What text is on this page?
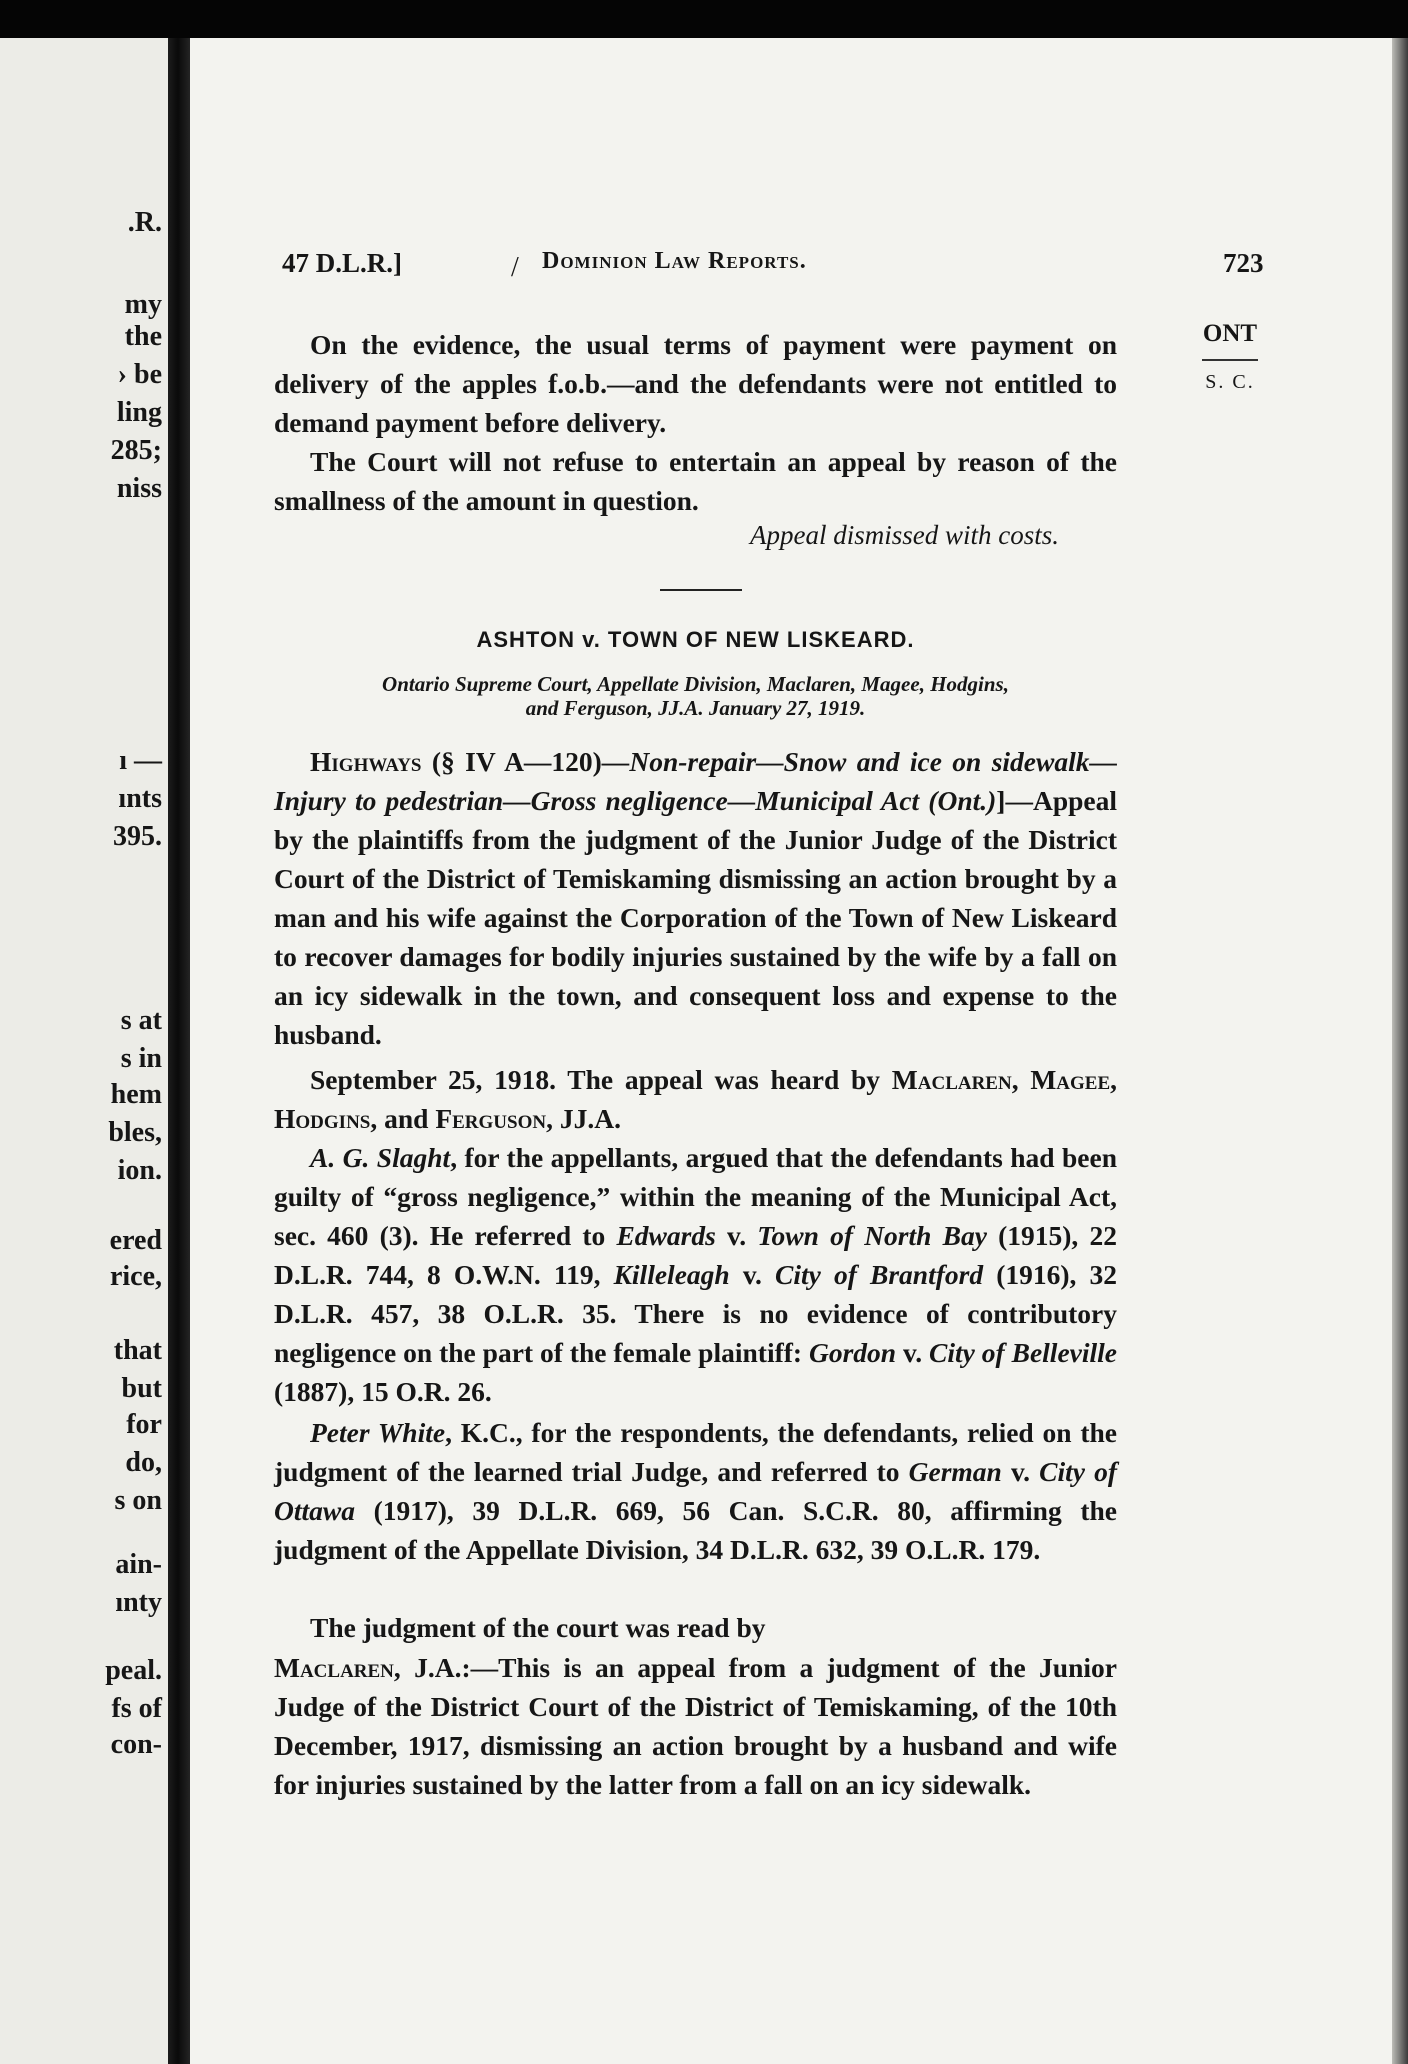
.R.

my

the

› be

ling

285;

niss

ı —

ınts

395.

s at

s in

hem

bles,

ion.

ered

rice,

that

but

for

do,

s on

ain-

ınty

peal.

fs of

con-

47 D.L.R.]	/ Dominion Law Reports.	723

ONT

S. C.

On the evidence, the usual terms of payment were payment on delivery of the apples f.o.b.—and the defendants were not entitled to demand payment before delivery.

The Court will not refuse to entertain an appeal by reason of the smallness of the amount in question.

Appeal dismissed with costs.

ASHTON v. TOWN OF NEW LISKEARD.

Ontario Supreme Court, Appellate Division, Maclaren, Magee, Hodgins,
and Ferguson, JJ.A. January 27, 1919.

Highways (§ IV A—120)—Non-repair—Snow and ice on sidewalk—Injury to pedestrian—Gross negligence—Municipal Act (Ont.)]—Appeal by the plaintiffs from the judgment of the Junior Judge of the District Court of the District of Temiskaming dismissing an action brought by a man and his wife against the Corporation of the Town of New Liskeard to recover damages for bodily injuries sustained by the wife by a fall on an icy sidewalk in the town, and consequent loss and expense to the husband.

September 25, 1918. The appeal was heard by Maclaren, Magee, Hodgins, and Ferguson, JJ.A.

A. G. Slaght, for the appellants, argued that the defendants had been guilty of “gross negligence,” within the meaning of the Municipal Act, sec. 460 (3). He referred to Edwards v. Town of North Bay (1915), 22 D.L.R. 744, 8 O.W.N. 119, Killeleagh v. City of Brantford (1916), 32 D.L.R. 457, 38 O.L.R. 35. There is no evidence of contributory negligence on the part of the female plaintiff: Gordon v. City of Belleville (1887), 15 O.R. 26.

Peter White, K.C., for the respondents, the defendants, relied on the judgment of the learned trial Judge, and referred to German v. City of Ottawa (1917), 39 D.L.R. 669, 56 Can. S.C.R. 80, affirming the judgment of the Appellate Division, 34 D.L.R. 632, 39 O.L.R. 179.

The judgment of the court was read by

Maclaren, J.A.:—This is an appeal from a judgment of the Junior Judge of the District Court of the District of Temiskaming, of the 10th December, 1917, dismissing an action brought by a husband and wife for injuries sustained by the latter from a fall on an icy sidewalk.
